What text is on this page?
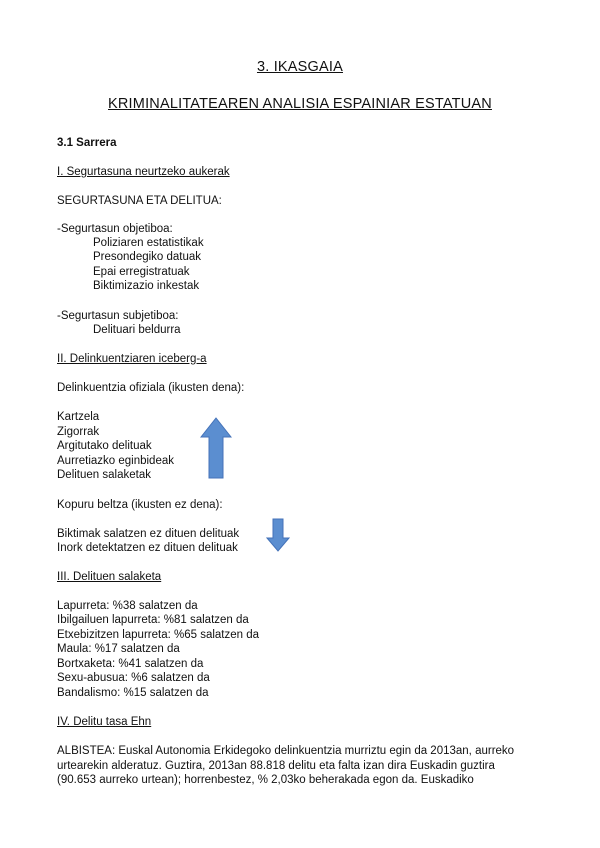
3. IKASGAIA
KRIMINALITATEAREN ANALISIA ESPAINIAR ESTATUAN
3.1 Sarrera
I. Segurtasuna neurtzeko aukerak
SEGURTASUNA ETA DELITUA:
-Segurtasun objetiboa:
Poliziaren estatistikak
Presondegiko datuak
Epai erregistratuak
Biktimizazio inkestak
-Segurtasun subjetiboa:
Delituari beldurra
II. Delinkuentziaren iceberg-a
Delinkuentzia ofiziala (ikusten dena):
Kartzela
Zigorrak
Argitutako delituak
Aurretiazko eginbideak
Delituen salaketak
Kopuru beltza (ikusten ez dena):
Biktimak salatzen ez dituen delituak
Inork detektatzen ez dituen delituak
III. Delituen salaketa
Lapurreta: %38 salatzen da
Ibilgailuen lapurreta: %81 salatzen da
Etxebizitzen lapurreta: %65 salatzen da
Maula: %17 salatzen da
Bortxaketa: %41 salatzen da
Sexu-abusua: %6 salatzen da
Bandalismo: %15 salatzen da
IV. Delitu tasa Ehn
ALBISTEA: Euskal Autonomia Erkidegoko delinkuentzia murriztu egin da 2013an, aurreko
urtearekin alderatuz. Guztira, 2013an 88.818 delitu eta falta izan dira Euskadin guztira
(90.653 aurreko urtean); horrenbestez, % 2,03ko beherakada egon da. Euskadiko
